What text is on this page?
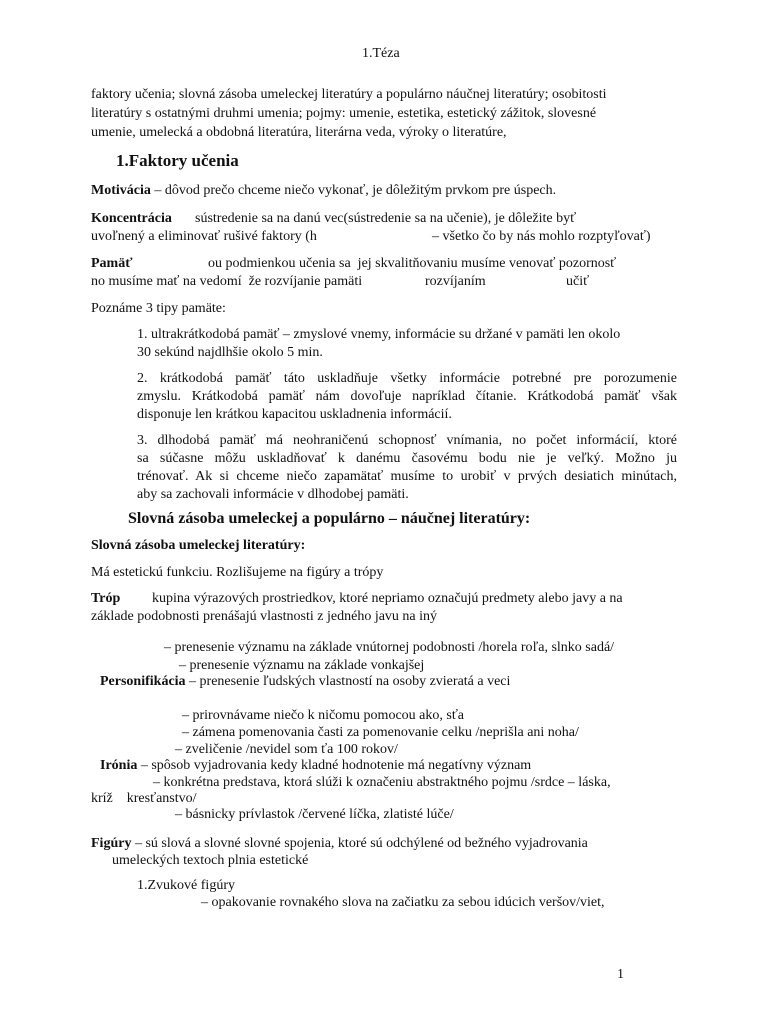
1.Téza
faktory učenia; slovná zásoba umeleckej literatúry a populárno náučnej literatúry; osobitosti
literatúry s ostatnými druhmi umenia; pojmy: umenie, estetika, estetický zážitok, slovesné
umenie, umelecká a obdobná literatúra, literárna veda, výroky o literatúre,
1.Faktory učenia
Motivácia – dôvod prečo chceme niečo vykonať, je dôležitým prvkom pre úspech.
Koncentrácia sústredenie sa na danú vec(sústredenie sa na učenie), je dôležite byť
uvoľnený a eliminovať rušivé faktory (h	– všetko čo by nás mohlo rozptyľovať)
Pamäť	ou podmienkou učenia sa  jej skvalitňovaniu musíme venovať pozornosť
no musíme mať na vedomí  že rozvíjanie pamäti	rozvíjaním	učiť
Poznáme 3 tipy pamäte:
1. ultrakrátkodobá pamäť – zmyslové vnemy, informácie su držané v pamäti len okolo
30 sekúnd najdlhšie okolo 5 min.
2. krátkodobá pamäť táto uskladňuje všetky informácie potrebné pre porozumenie
zmyslu. Krátkodobá pamäť nám dovoľuje napríklad čítanie. Krátkodobá pamäť však
disponuje len krátkou kapacitou uskladnenia informácií.
3. dlhodobá pamäť má neohraničenú schopnosť vnímania, no počet informácií, ktoré
sa súčasne môžu uskladňovať k danému časovému bodu nie je veľký. Možno ju
trénovať. Ak si chceme niečo zapamätať musíme to urobiť v prvých desiatich minútach,
aby sa zachovali informácie v dlhodobej pamäti.
Slovná zásoba umeleckej a populárno – náučnej literatúry:
Slovná zásoba umeleckej literatúry:
Má estetickú funkciu. Rozlišujeme na figúry a trópy
Tróp kupina výrazových prostriedkov, ktoré nepriamo označujú predmety alebo javy a na
základe podobnosti prenášajú vlastnosti z jedného javu na iný
– prenesenie významu na základe vnútornej podobnosti /horela roľa, slnko sadá/
– prenesenie významu na základe vonkajšej
Personifikácia – prenesenie ľudských vlastností na osoby zvieratá a veci
– prirovnávame niečo k ničomu pomocou ako, sťa
– zámena pomenovania časti za pomenovanie celku /neprišla ani noha/
– zveličenie /nevidel som ťa 100 rokov/
Irónia – spôsob vyjadrovania kedy kladné hodnotenie má negatívny význam
– konkrétna predstava, ktorá slúži k označeniu abstraktného pojmu /srdce – láska,
kríž    kresťanstvo/
– básnicky prívlastok /červené líčka, zlatisté lúče/
Figúry – sú slová a slovné slovné spojenia, ktoré sú odchýlené od bežného vyjadrovania
umeleckých textoch plnia estetické
1.Zvukové figúry
– opakovanie rovnakého slova na začiatku za sebou idúcich veršov/viet,
1
